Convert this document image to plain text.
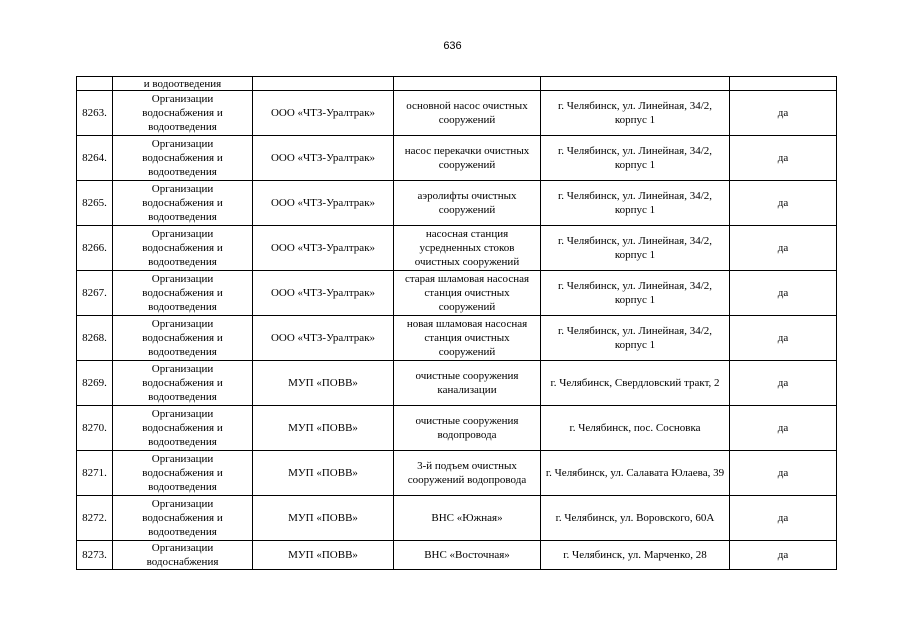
636
	и водоотведения				
8263.	Организации водоснабжения и водоотведения	ООО «ЧТЗ-Уралтрак»	основной насос очистных сооружений	г. Челябинск, ул. Линейная, 34/2, корпус 1	да
8264.	Организации водоснабжения и водоотведения	ООО «ЧТЗ-Уралтрак»	насос перекачки очистных сооружений	г. Челябинск, ул. Линейная, 34/2, корпус 1	да
8265.	Организации водоснабжения и водоотведения	ООО «ЧТЗ-Уралтрак»	аэролифты очистных сооружений	г. Челябинск, ул. Линейная, 34/2, корпус 1	да
8266.	Организации водоснабжения и водоотведения	ООО «ЧТЗ-Уралтрак»	насосная станция усредненных стоков очистных сооружений	г. Челябинск, ул. Линейная, 34/2, корпус 1	да
8267.	Организации водоснабжения и водоотведения	ООО «ЧТЗ-Уралтрак»	старая шламовая насосная станция очистных сооружений	г. Челябинск, ул. Линейная, 34/2, корпус 1	да
8268.	Организации водоснабжения и водоотведения	ООО «ЧТЗ-Уралтрак»	новая шламовая насосная станция очистных сооружений	г. Челябинск, ул. Линейная, 34/2, корпус 1	да
8269.	Организации водоснабжения и водоотведения	МУП «ПОВВ»	очистные сооружения канализации	г. Челябинск, Свердловский тракт, 2	да
8270.	Организации водоснабжения и водоотведения	МУП «ПОВВ»	очистные сооружения водопровода	г. Челябинск, пос. Сосновка	да
8271.	Организации водоснабжения и водоотведения	МУП «ПОВВ»	3-й подъем очистных сооружений водопровода	г. Челябинск, ул. Салавата Юлаева, 39	да
8272.	Организации водоснабжения и водоотведения	МУП «ПОВВ»	ВНС «Южная»	г. Челябинск, ул. Воровского, 60А	да
8273.	Организации водоснабжения	МУП «ПОВВ»	ВНС «Восточная»	г. Челябинск, ул. Марченко, 28	да
